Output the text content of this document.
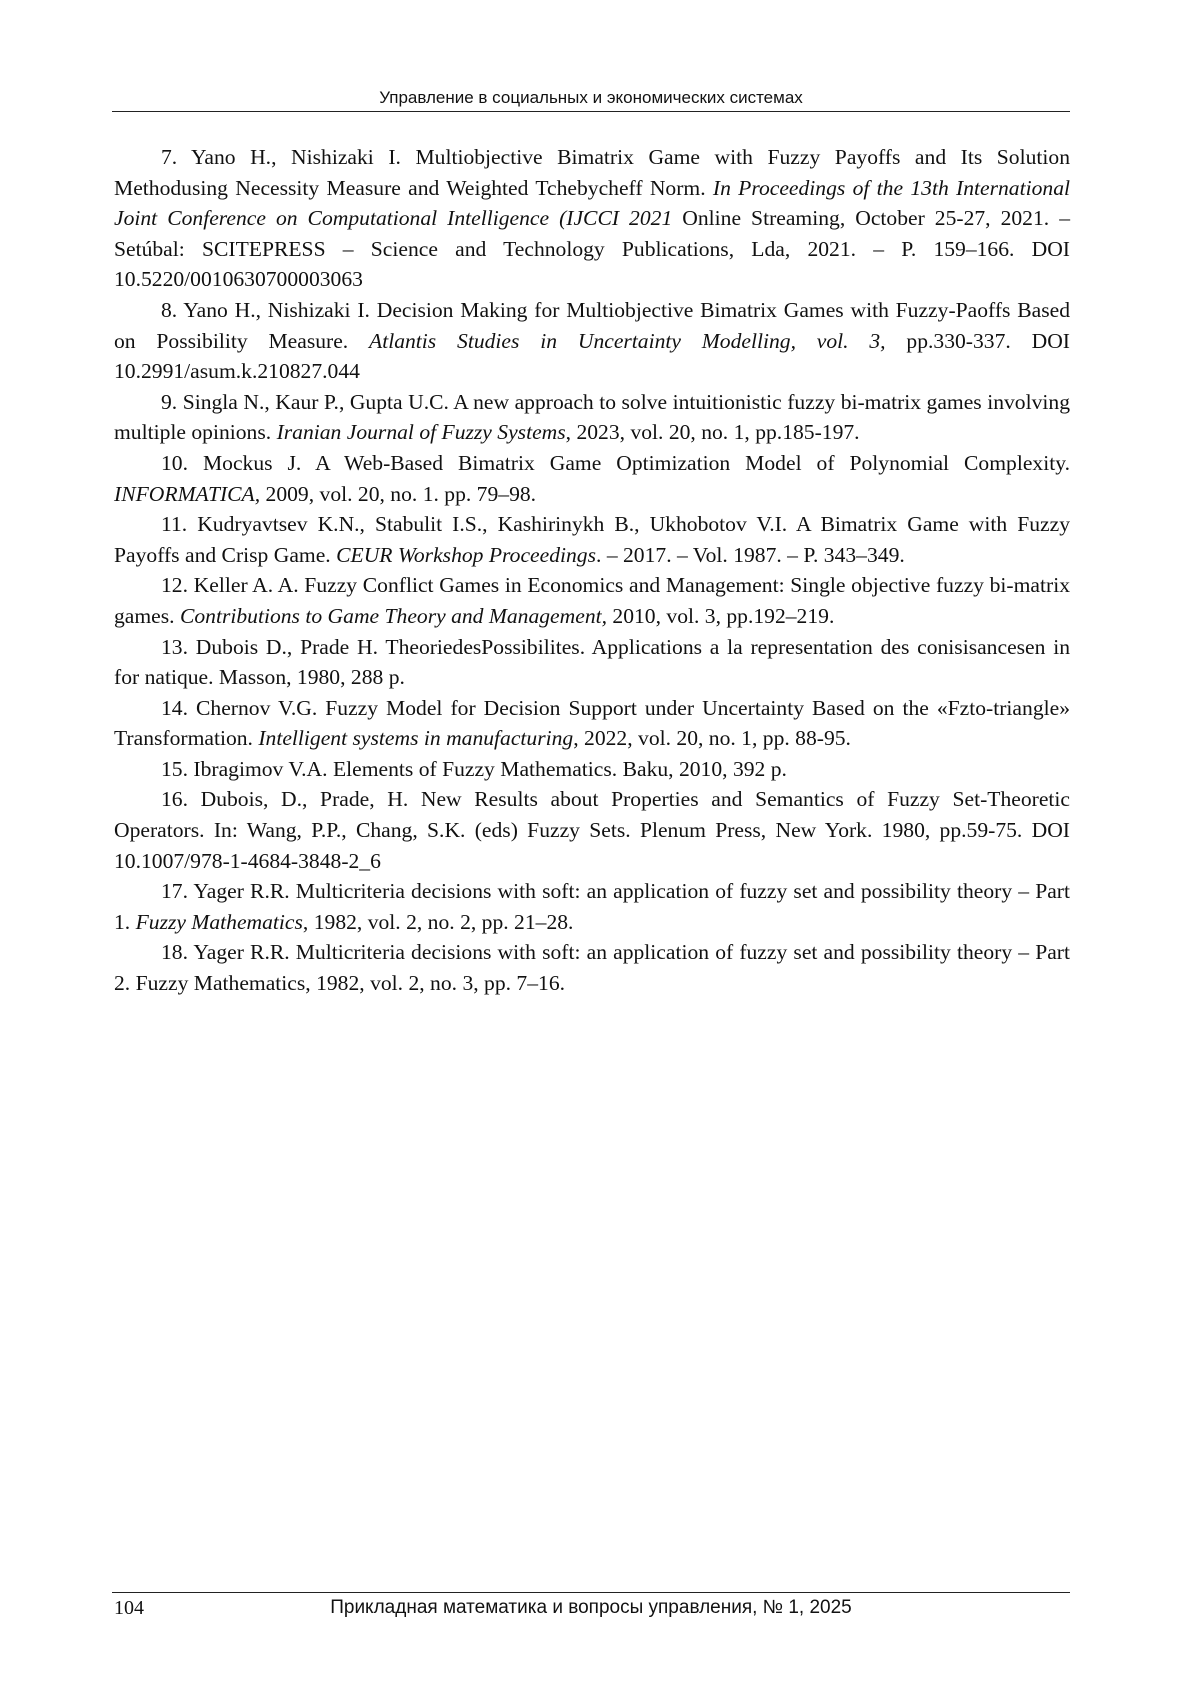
Управление в социальных и экономических системах

7. Yano H., Nishizaki I. Multiobjective Bimatrix Game with Fuzzy Payoffs and Its Solution Methodusing Necessity Measure and Weighted Tchebycheff Norm. In Proceedings of the 13th International Joint Conference on Computational Intelligence (IJCCI 2021 Online Streaming, October 25-27, 2021. – Setúbal: SCITEPRESS – Science and Technology Publications, Lda, 2021. – P. 159–166. DOI 10.5220/0010630700003063

8. Yano H., Nishizaki I. Decision Making for Multiobjective Bimatrix Games with Fuzzy-Paoffs Based on Possibility Measure. Atlantis Studies in Uncertainty Modelling, vol. 3, pp.330-337. DOI 10.2991/asum.k.210827.044

9. Singla N., Kaur P., Gupta U.C. A new approach to solve intuitionistic fuzzy bi-matrix games involving multiple opinions. Iranian Journal of Fuzzy Systems, 2023, vol. 20, no. 1, pp.185-197.

10. Mockus J. A Web-Based Bimatrix Game Optimization Model of Polynomial Complexity. INFORMATICA, 2009, vol. 20, no. 1. pp. 79–98.

11. Kudryavtsev K.N., Stabulit I.S., Kashirinykh B., Ukhobotov V.I. A Bimatrix Game with Fuzzy Payoffs and Crisp Game. CEUR Workshop Proceedings. – 2017. – Vol. 1987. – P. 343–349.

12. Keller A. A. Fuzzy Conflict Games in Economics and Management: Single objective fuzzy bi-matrix games. Contributions to Game Theory and Management, 2010, vol. 3, pp.192–219.

13. Dubois D., Prade H. TheoriedesPossibilites. Applications a la representation des conisisancesen in for natique. Masson, 1980, 288 p.

14. Chernov V.G. Fuzzy Model for Decision Support under Uncertainty Based on the «Fzto-triangle» Transformation. Intelligent systems in manufacturing, 2022, vol. 20, no. 1, pp. 88-95.

15. Ibragimov V.A. Elements of Fuzzy Mathematics. Baku, 2010, 392 p.

16. Dubois, D., Prade, H. New Results about Properties and Semantics of Fuzzy Set-Theoretic Operators. In: Wang, P.P., Chang, S.K. (eds) Fuzzy Sets. Plenum Press, New York. 1980, pp.59-75. DOI 10.1007/978-1-4684-3848-2_6

17. Yager R.R. Multicriteria decisions with soft: an application of fuzzy set and possibility theory – Part 1. Fuzzy Mathematics, 1982, vol. 2, no. 2, pp. 21–28.

18. Yager R.R. Multicriteria decisions with soft: an application of fuzzy set and possibility theory – Part 2. Fuzzy Mathematics, 1982, vol. 2, no. 3, pp. 7–16.

104	Прикладная математика и вопросы управления, № 1, 2025
